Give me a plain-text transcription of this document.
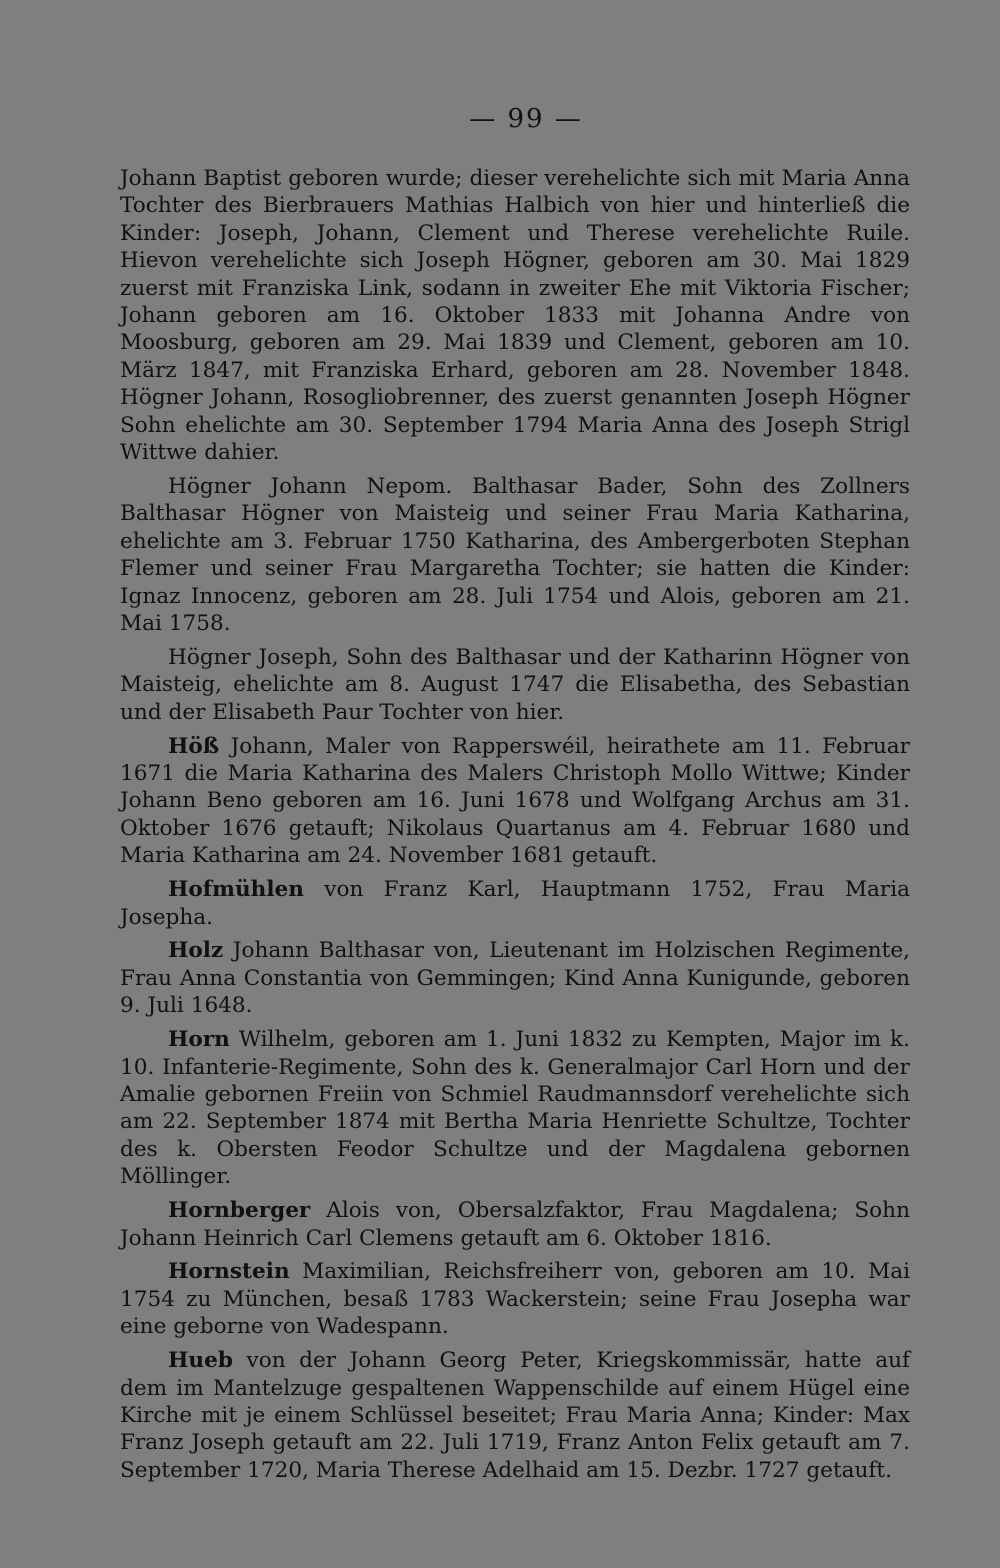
— 99 —

Johann Baptist geboren wurde; dieser verehelichte sich mit Maria Anna Tochter des Bierbrauers Mathias Halbich von hier und hinterließ die Kinder: Joseph, Johann, Clement und Therese verehelichte Ruile. Hievon verehelichte sich Joseph Högner, geboren am 30. Mai 1829 zuerst mit Franziska Link, sodann in zweiter Ehe mit Viktoria Fischer; Johann geboren am 16. Oktober 1833 mit Johanna Andre von Moosburg, geboren am 29. Mai 1839 und Clement, geboren am 10. März 1847, mit Franziska Erhard, geboren am 28. November 1848. Högner Johann, Rosogliobrenner, des zuerst genannten Joseph Högner Sohn ehelichte am 30. September 1794 Maria Anna des Joseph Strigl Wittwe dahier.

Högner Johann Nepom. Balthasar Bader, Sohn des Zollners Balthasar Högner von Maisteig und seiner Frau Maria Katharina, ehelichte am 3. Februar 1750 Katharina, des Ambergerboten Stephan Flemer und seiner Frau Margaretha Tochter; sie hatten die Kinder: Ignaz Innocenz, geboren am 28. Juli 1754 und Alois, geboren am 21. Mai 1758.

Högner Joseph, Sohn des Balthasar und der Katharinn Högner von Maisteig, ehelichte am 8. August 1747 die Elisabetha, des Sebastian und der Elisabeth Paur Tochter von hier.

Höß Johann, Maler von Rapperswéil, heirathete am 11. Februar 1671 die Maria Katharina des Malers Christoph Mollo Wittwe; Kinder Johann Beno geboren am 16. Juni 1678 und Wolfgang Archus am 31. Oktober 1676 getauft; Nikolaus Quartanus am 4. Februar 1680 und Maria Katharina am 24. November 1681 getauft.

Hofmühlen von Franz Karl, Hauptmann 1752, Frau Maria Josepha.

Holz Johann Balthasar von, Lieutenant im Holzischen Regimente, Frau Anna Constantia von Gemmingen; Kind Anna Kunigunde, geboren 9. Juli 1648.

Horn Wilhelm, geboren am 1. Juni 1832 zu Kempten, Major im k. 10. Infanterie-Regimente, Sohn des k. Generalmajor Carl Horn und der Amalie gebornen Freiin von Schmiel Raudmannsdorf verehelichte sich am 22. September 1874 mit Bertha Maria Henriette Schultze, Tochter des k. Obersten Feodor Schultze und der Magdalena gebornen Möllinger.

Hornberger Alois von, Obersalzfaktor, Frau Magdalena; Sohn Johann Heinrich Carl Clemens getauft am 6. Oktober 1816.

Hornstein Maximilian, Reichsfreiherr von, geboren am 10. Mai 1754 zu München, besaß 1783 Wackerstein; seine Frau Josepha war eine geborne von Wadespann.

Hueb von der Johann Georg Peter, Kriegskommissär, hatte auf dem im Mantelzuge gespaltenen Wappenschilde auf einem Hügel eine Kirche mit je einem Schlüssel beseitet; Frau Maria Anna; Kinder: Max Franz Joseph getauft am 22. Juli 1719, Franz Anton Felix getauft am 7. September 1720, Maria Therese Adelhaid am 15. Dezbr. 1727 getauft.
